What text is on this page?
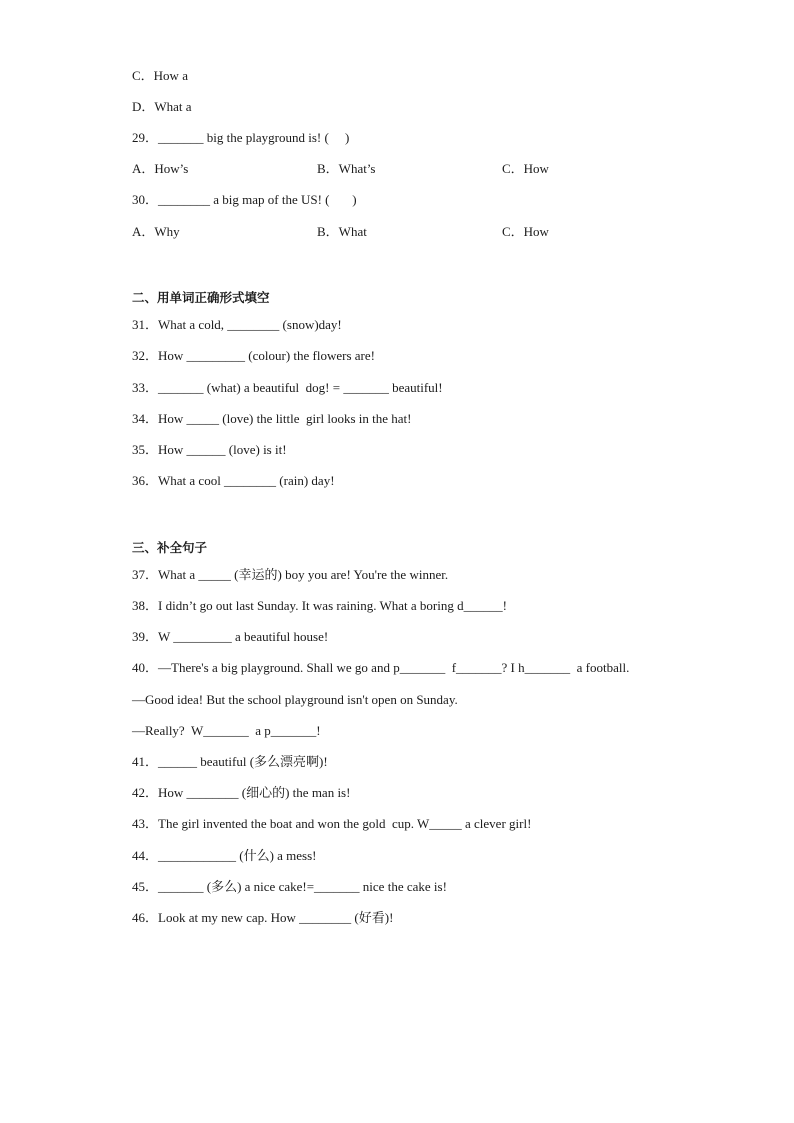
C．How a
D．What a
29．_______ big the playground is! (     )
A．How’s	B．What’s	C．How
30．________ a big map of the US! (       )
A．Why	B．What	C．How
二、用单词正确形式填空
31．What a cold, ________ (snow)day!
32．How _________ (colour) the flowers are!
33．_______ (what) a beautiful  dog! = _______ beautiful!
34．How _____ (love) the little  girl looks in the hat!
35．How ______ (love) is it!
36．What a cool ________ (rain) day!
三、补全句子
37．What a _____ (幸运的) boy you are! You're the winner.
38．I didn’t go out last Sunday. It was raining. What a boring d______!
39．W _________ a beautiful house!
40．—There's a big playground. Shall we go and p_______  f_______? I h_______  a football.
—Good idea! But the school playground isn't open on Sunday.
—Really?  W_______  a p_______!
41．______ beautiful (多么漂亮啊)!
42．How ________ (细心的) the man is!
43．The girl invented the boat and won the gold  cup. W_____ a clever girl!
44．____________ (什么) a mess!
45．_______ (多么) a nice cake!=_______ nice the cake is!
46．Look at my new cap. How ________ (好看)!
